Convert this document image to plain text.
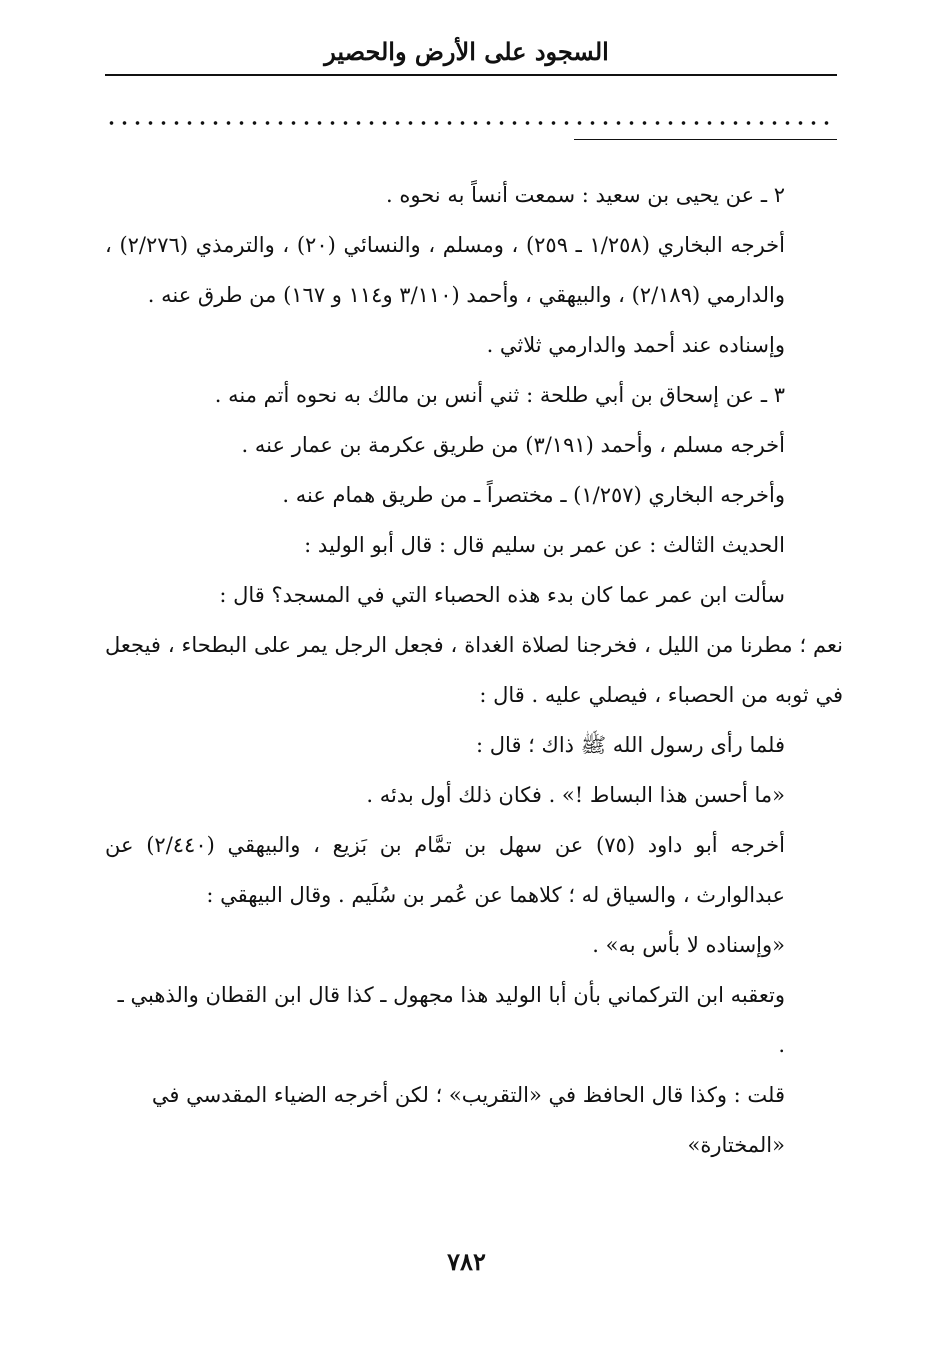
السجود على الأرض والحصير

٢ ـ عن يحيى بن سعيد : سمعت أنساً به نحوه .

أخرجه البخاري (١/٢٥٨ ـ ٢٥٩) ، ومسلم ، والنسائي (٢٠) ، والترمذي (٢/٢٧٦) ، والدارمي (٢/١٨٩) ، والبيهقي ، وأحمد (٣/١١٠ و١١٤ و ١٦٧) من طرق عنه .

وإسناده عند أحمد والدارمي ثلاثي .

٣ ـ عن إسحاق بن أبي طلحة : ثني أنس بن مالك به نحوه أتم منه .

أخرجه مسلم ، وأحمد (٣/١٩١) من طريق عكرمة بن عمار عنه .

وأخرجه البخاري (١/٢٥٧) ـ مختصراً ـ من طريق همام عنه .

الحديث الثالث : عن عمر بن سليم قال : قال أبو الوليد :

سألت ابن عمر عما كان بدء هذه الحصباء التي في المسجد؟ قال :

نعم ؛ مطرنا من الليل ، فخرجنا لصلاة الغداة ، فجعل الرجل يمر على البطحاء ، فيجعل في ثوبه من الحصباء ، فيصلي عليه . قال :

فلما رأى رسول الله ﷺ ذاك ؛ قال :

«ما أحسن هذا البساط !» . فكان ذلك أول بدئه .

أخرجه أبو داود (٧٥) عن سهل بن تمَّام بن بَزيع ، والبيهقي (٢/٤٤٠) عن عبدالوارث ، والسياق له ؛ كلاهما عن عُمر بن سُلَيم . وقال البيهقي :

«وإسناده لا بأس به» .

وتعقبه ابن التركماني بأن أبا الوليد هذا مجهول ـ كذا قال ابن القطان والذهبي ـ .

قلت : وكذا قال الحافظ في «التقريب» ؛ لكن أخرجه الضياء المقدسي في «المختارة»

٧٨٢
